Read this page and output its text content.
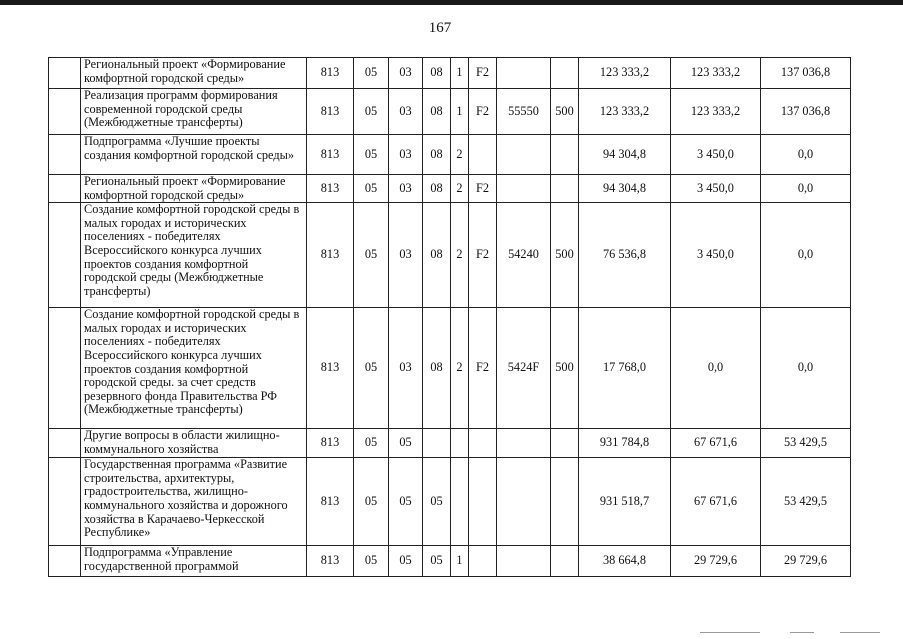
167
	Региональный проект «Формирование комфортной городской среды»	813	05	03	08	1	F2			123 333,2	123 333,2	137 036,8
	Реализация программ формирования современной городской среды (Межбюджетные трансферты)	813	05	03	08	1	F2	55550	500	123 333,2	123 333,2	137 036,8
	Подпрограмма «Лучшие проекты создания комфортной городской среды»	813	05	03	08	2				94 304,8	3 450,0	0,0
	Региональный проект «Формирование комфортной городской среды»	813	05	03	08	2	F2			94 304,8	3 450,0	0,0
	Создание комфортной городской среды в малых городах и исторических поселениях - победителях Всероссийского конкурса лучших проектов создания комфортной городской среды (Межбюджетные трансферты)	813	05	03	08	2	F2	54240	500	76 536,8	3 450,0	0,0
	Создание комфортной городской среды в малых городах и исторических поселениях - победителях Всероссийского конкурса лучших проектов создания комфортной городской среды. за счет средств резервного фонда Правительства РФ (Межбюджетные трансферты)	813	05	03	08	2	F2	5424F	500	17 768,0	0,0	0,0
	Другие вопросы в области жилищно-коммунального хозяйства	813	05	05						931 784,8	67 671,6	53 429,5
	Государственная программа «Развитие строительства, архитектуры, градостроительства, жилищно-коммунального хозяйства и дорожного хозяйства в Карачаево-Черкесской Республике»	813	05	05	05					931 518,7	67 671,6	53 429,5
	Подпрограмма «Управление государственной программой	813	05	05	05	1				38 664,8	29 729,6	29 729,6
